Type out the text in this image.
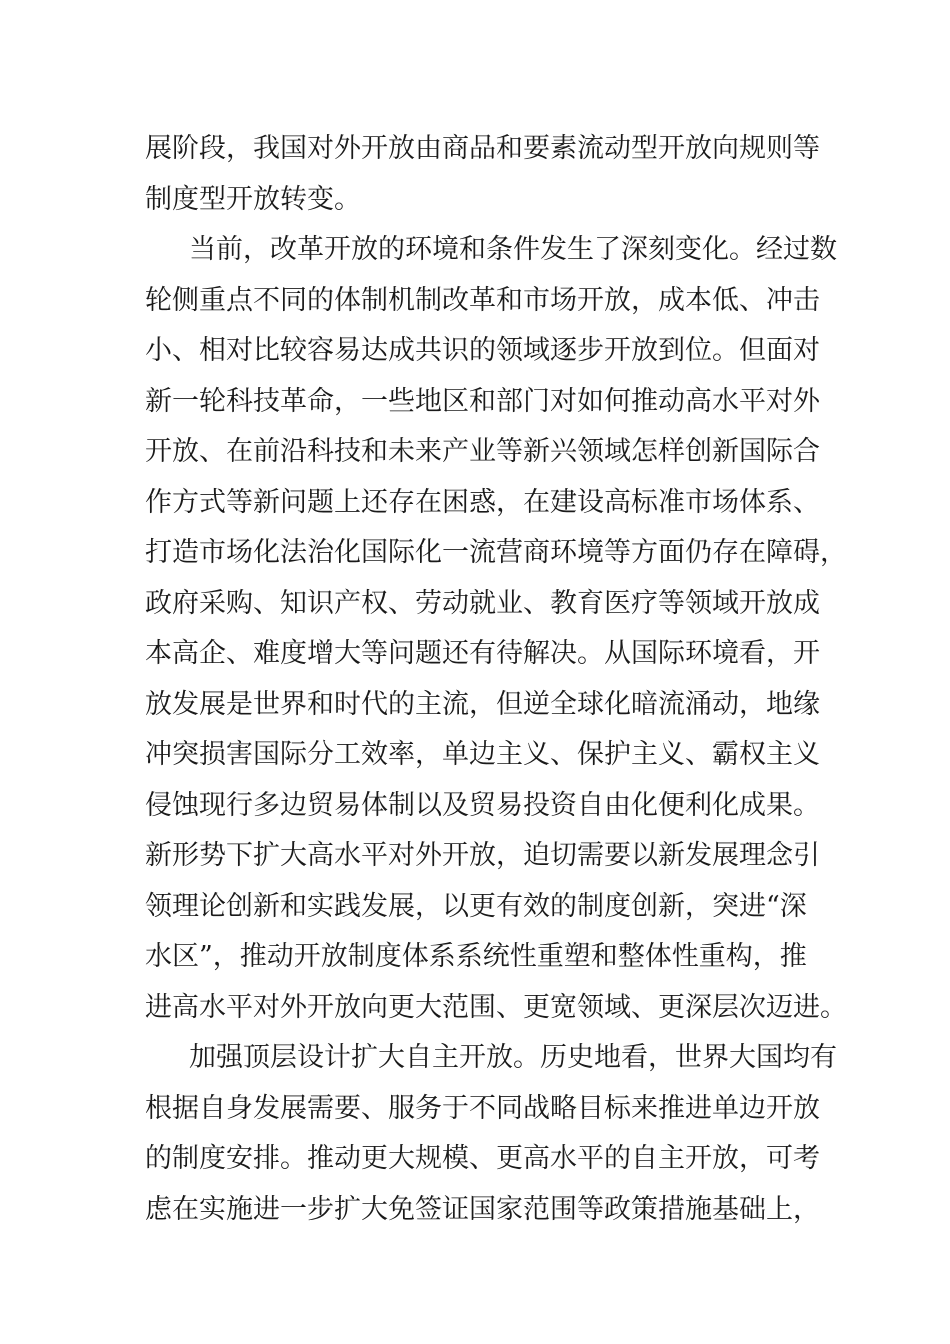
展阶段，我国对外开放由商品和要素流动型开放向规则等
制度型开放转变。
当前，改革开放的环境和条件发生了深刻变化。经过数
轮侧重点不同的体制机制改革和市场开放，成本低、冲击
小、相对比较容易达成共识的领域逐步开放到位。但面对
新一轮科技革命，一些地区和部门对如何推动高水平对外
开放、在前沿科技和未来产业等新兴领域怎样创新国际合
作方式等新问题上还存在困惑，在建设高标准市场体系、
打造市场化法治化国际化一流营商环境等方面仍存在障碍，
政府采购、知识产权、劳动就业、教育医疗等领域开放成
本高企、难度增大等问题还有待解决。从国际环境看，开
放发展是世界和时代的主流，但逆全球化暗流涌动，地缘
冲突损害国际分工效率，单边主义、保护主义、霸权主义
侵蚀现行多边贸易体制以及贸易投资自由化便利化成果。
新形势下扩大高水平对外开放，迫切需要以新发展理念引
领理论创新和实践发展，以更有效的制度创新，突进“深
水区”，推动开放制度体系系统性重塑和整体性重构，推
进高水平对外开放向更大范围、更宽领域、更深层次迈进。
加强顶层设计扩大自主开放。历史地看，世界大国均有
根据自身发展需要、服务于不同战略目标来推进单边开放
的制度安排。推动更大规模、更高水平的自主开放，可考
虑在实施进一步扩大免签证国家范围等政策措施基础上，
